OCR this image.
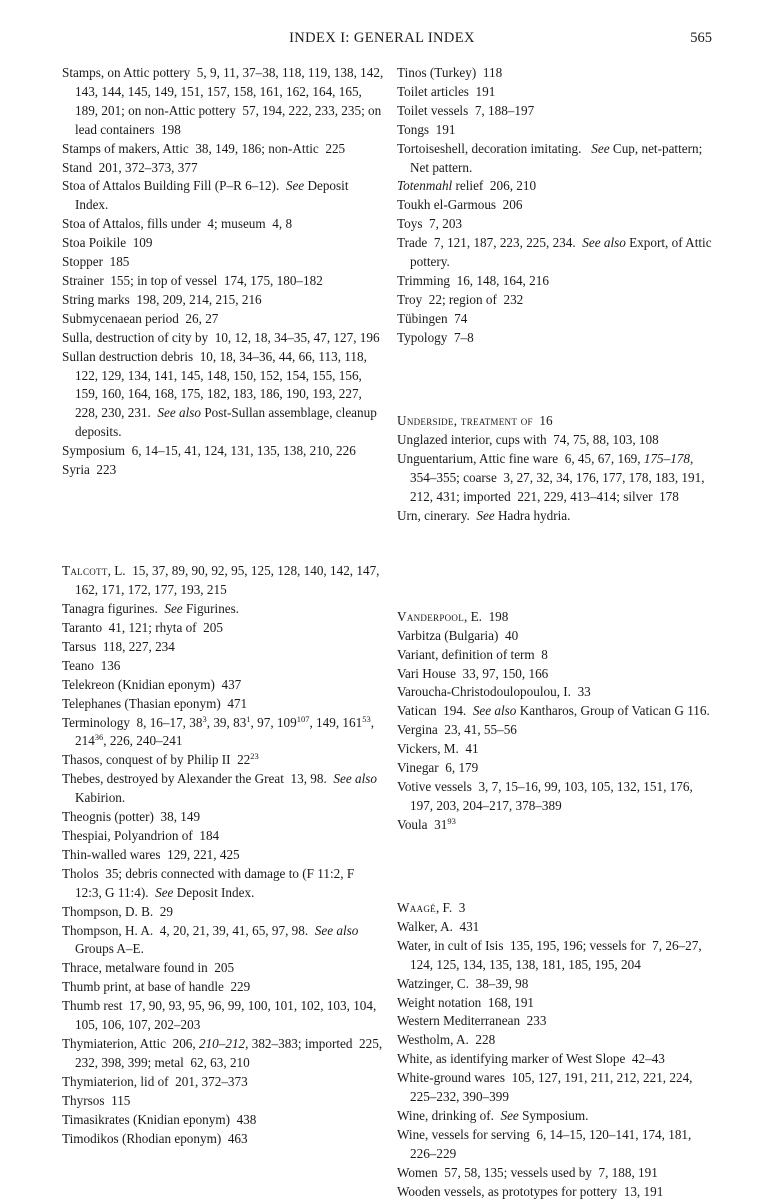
INDEX I: GENERAL INDEX	565

Stamps, on Attic pottery  5, 9, 11, 37–38, 118, 119, 138, 142, 143, 144, 145, 149, 151, 157, 158, 161, 162, 164, 165, 189, 201; on non-Attic pottery  57, 194, 222, 233, 235; on lead containers  198

Stamps of makers, Attic  38, 149, 186; non-Attic  225

Stand  201, 372–373, 377

Stoa of Attalos Building Fill (P–R 6–12).  See Deposit Index.

Stoa of Attalos, fills under  4; museum  4, 8

Stoa Poikile  109

Stopper  185

Strainer  155; in top of vessel  174, 175, 180–182

String marks  198, 209, 214, 215, 216

Submycenaean period  26, 27

Sulla, destruction of city by  10, 12, 18, 34–35, 47, 127, 196

Sullan destruction debris  10, 18, 34–36, 44, 66, 113, 118, 122, 129, 134, 141, 145, 148, 150, 152, 154, 155, 156, 159, 160, 164, 168, 175, 182, 183, 186, 190, 193, 227, 228, 230, 231.  See also Post-Sullan assemblage, cleanup deposits.

Symposium  6, 14–15, 41, 124, 131, 135, 138, 210, 226

Syria  223

Talcott, L.  15, 37, 89, 90, 92, 95, 125, 128, 140, 142, 147, 162, 171, 172, 177, 193, 215

Tanagra figurines.  See Figurines.

Taranto  41, 121; rhyta of  205

Tarsus  118, 227, 234

Teano  136

Telekreon (Knidian eponym)  437

Telephanes (Thasian eponym)  471

Terminology  8, 16–17, $38^3$, 39, $83^1$, 97, $109^{107}$, 149, $161^{53}$, $214^{36}$, 226, 240–241

Thasos, conquest of by Philip II  $22^{23}$

Thebes, destroyed by Alexander the Great  13, 98.  See also Kabirion.

Theognis (potter)  38, 149

Thespiai, Polyandrion of  184

Thin-walled wares  129, 221, 425

Tholos  35; debris connected with damage to (F 11:2, F 12:3, G 11:4).  See Deposit Index.

Thompson, D. B.  29

Thompson, H. A.  4, 20, 21, 39, 41, 65, 97, 98.  See also Groups A–E.

Thrace, metalware found in  205

Thumb print, at base of handle  229

Thumb rest  17, 90, 93, 95, 96, 99, 100, 101, 102, 103, 104, 105, 106, 107, 202–203

Thymiaterion, Attic  206, 210–212, 382–383; imported  225, 232, 398, 399; metal  62, 63, 210

Thymiaterion, lid of  201, 372–373

Thyrsos  115

Timasikrates (Knidian eponym)  438

Timodikos (Rhodian eponym)  463

Tinos (Turkey)  118

Toilet articles  191

Toilet vessels  7, 188–197

Tongs  191

Tortoiseshell, decoration imitating.   See Cup, net-pattern; Net pattern.

Totenmahl relief  206, 210

Toukh el-Garmous  206

Toys  7, 203

Trade  7, 121, 187, 223, 225, 234.  See also Export, of Attic pottery.

Trimming  16, 148, 164, 216

Troy  22; region of  232

Tübingen  74

Typology  7–8

Underside, treatment of  16

Unglazed interior, cups with  74, 75, 88, 103, 108

Unguentarium, Attic fine ware  6, 45, 67, 169, 175–178, 354–355; coarse  3, 27, 32, 34, 176, 177, 178, 183, 191, 212, 431; imported  221, 229, 413–414; silver  178

Urn, cinerary.  See Hadra hydria.

Vanderpool, E.  198

Varbitza (Bulgaria)  40

Variant, definition of term  8

Vari House  33, 97, 150, 166

Varoucha-Christodoulopoulou, I.  33

Vatican  194.  See also Kantharos, Group of Vatican G 116.

Vergina  23, 41, 55–56

Vickers, M.  41

Vinegar  6, 179

Votive vessels  3, 7, 15–16, 99, 103, 105, 132, 151, 176, 197, 203, 204–217, 378–389

Voula  $31^{93}$

Waagé, F.  3

Walker, A.  431

Water, in cult of Isis  135, 195, 196; vessels for  7, 26–27, 124, 125, 134, 135, 138, 181, 185, 195, 204

Watzinger, C.  38–39, 98

Weight notation  168, 191

Western Mediterranean  233

Westholm, A.  228

White, as identifying marker of West Slope  42–43

White-ground wares  105, 127, 191, 211, 212, 221, 224, 225–232, 390–399

Wine, drinking of.  See Symposium.

Wine, vessels for serving  6, 14–15, 120–141, 174, 181, 226–229

Women  57, 58, 135; vessels used by  7, 188, 191

Wooden vessels, as prototypes for pottery  13, 191
